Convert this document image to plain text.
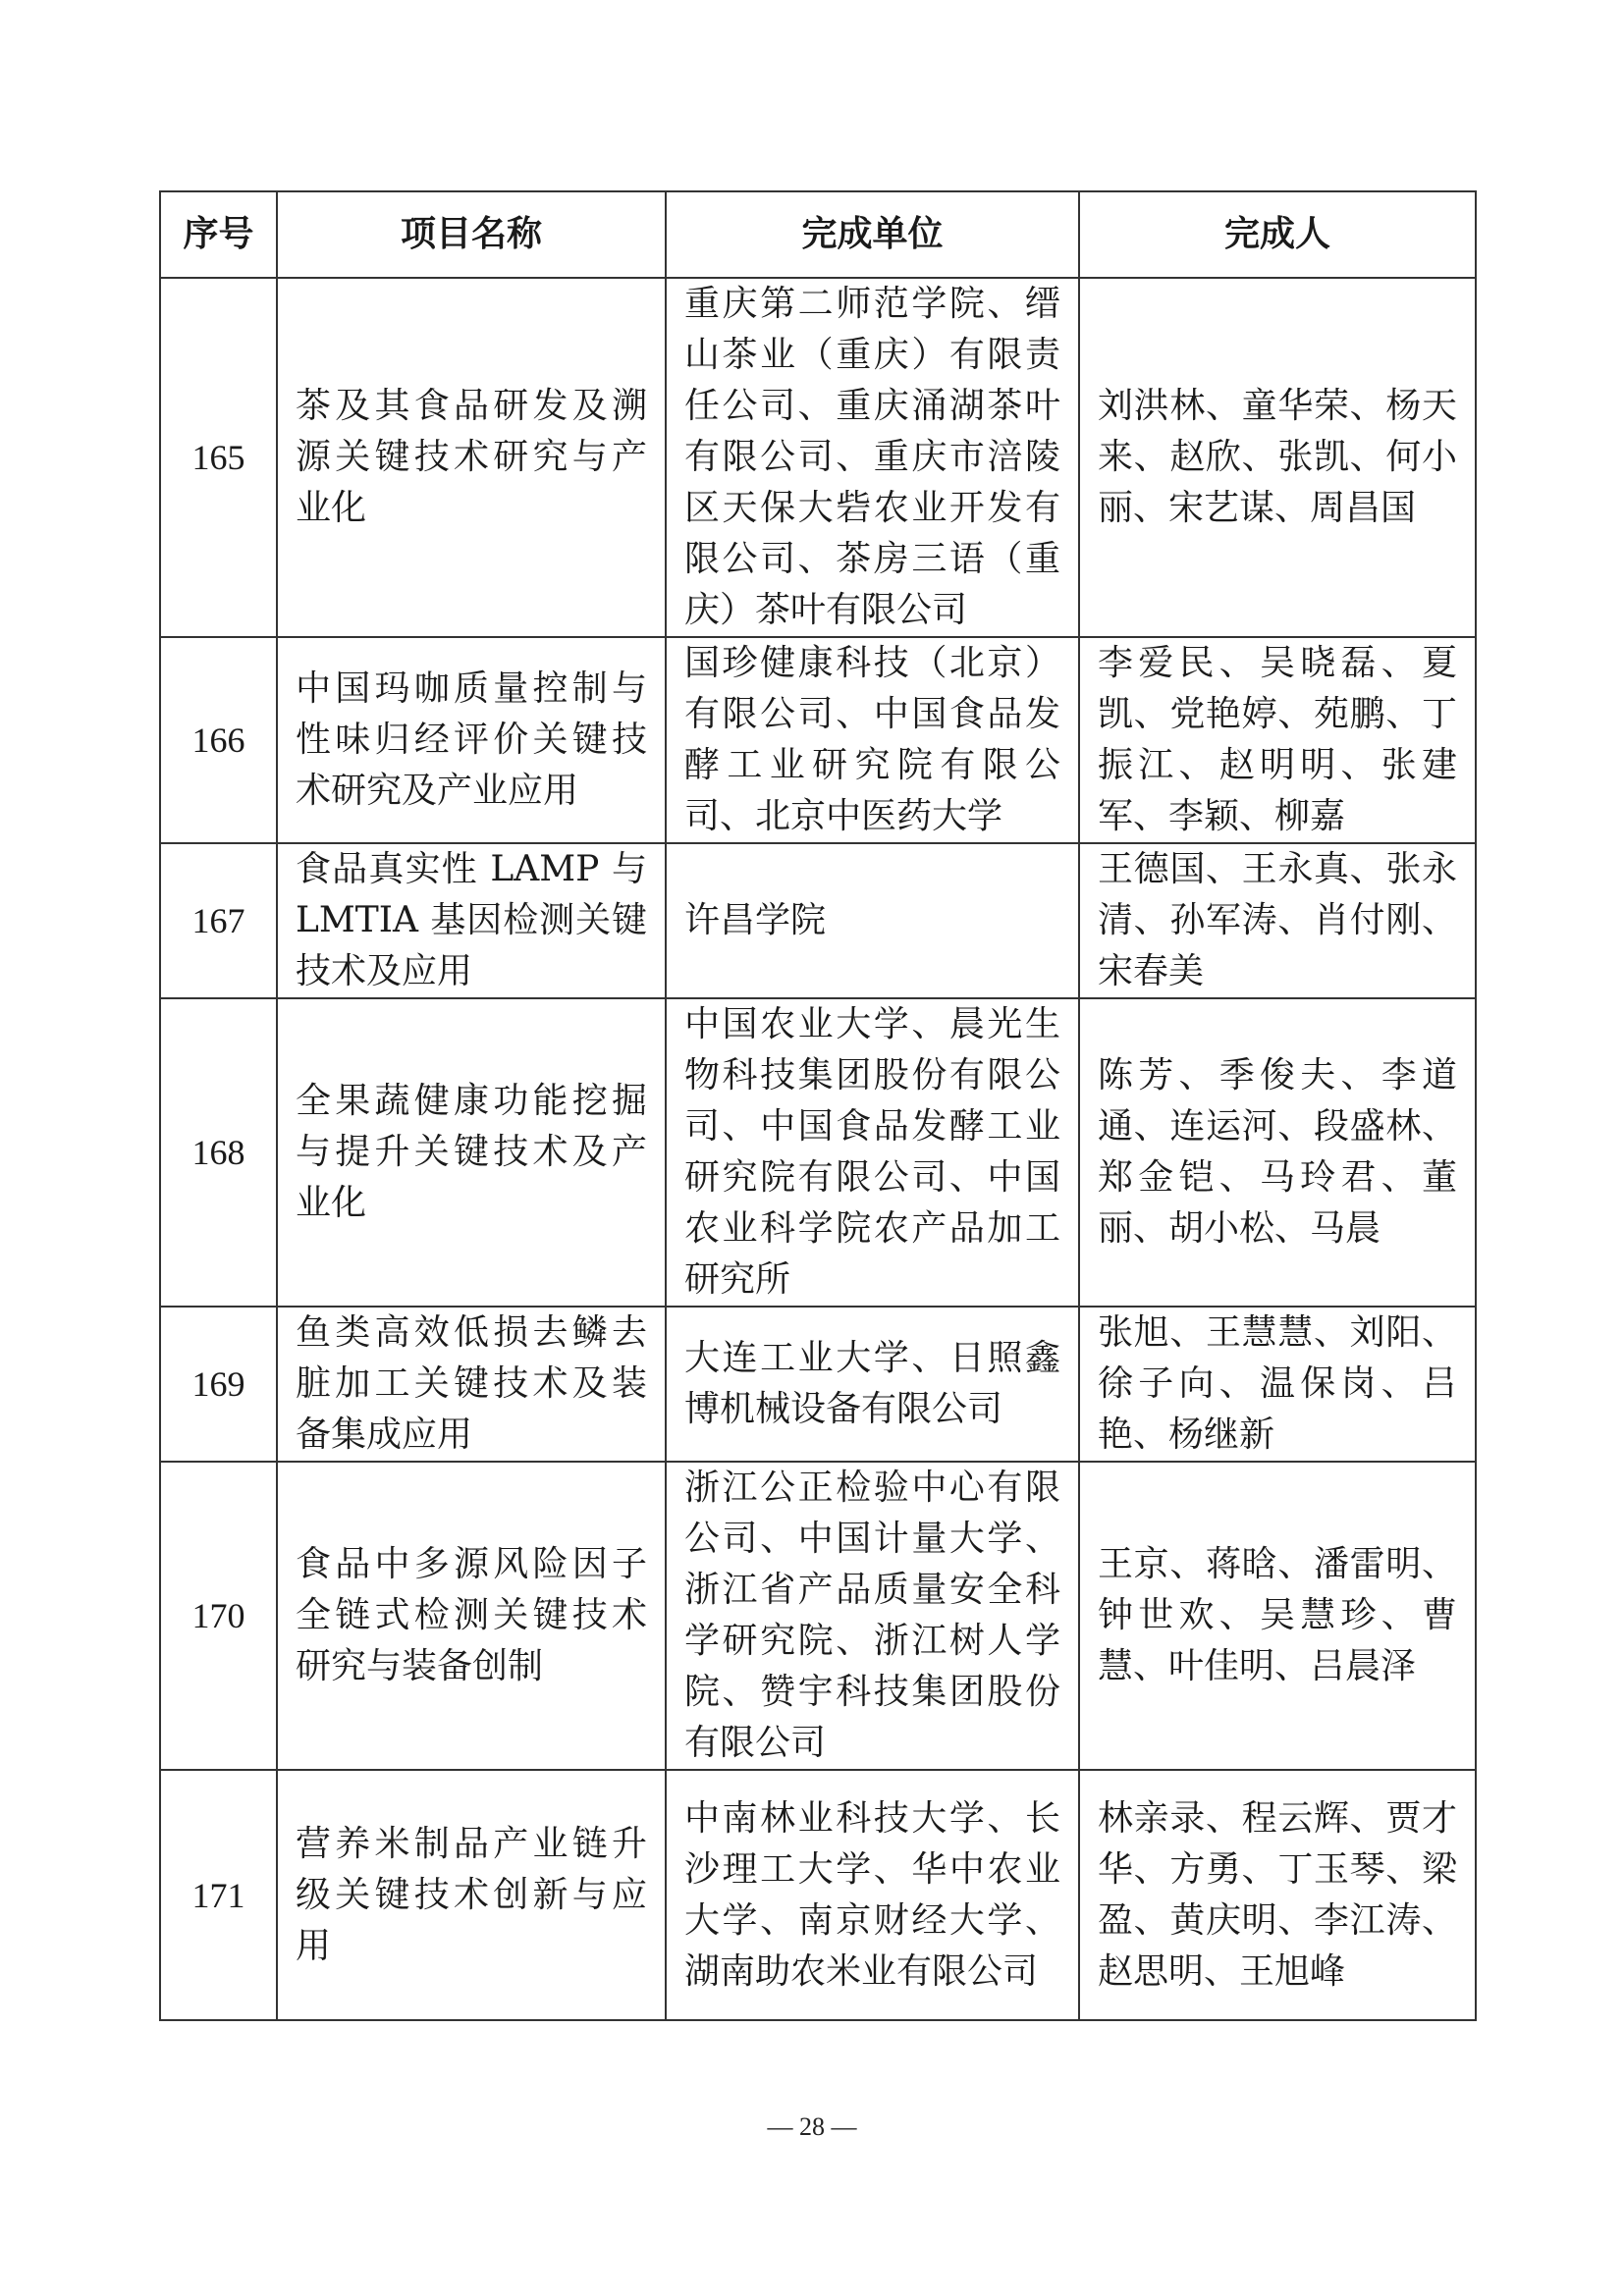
序号	项目名称	完成单位	完成人
165	茶及其食品研发及溯源关键技术研究与产业化	重庆第二师范学院、缙山茶业（重庆）有限责任公司、重庆涌湖茶叶有限公司、重庆市涪陵区天保大砦农业开发有限公司、茶房三语（重庆）茶叶有限公司	刘洪林、童华荣、杨天来、赵欣、张凯、何小丽、宋艺谋、周昌国
166	中国玛咖质量控制与性味归经评价关键技术研究及产业应用	国珍健康科技（北京）有限公司、中国食品发酵工业研究院有限公司、北京中医药大学	李爱民、吴晓磊、夏凯、党艳婷、苑鹏、丁振江、赵明明、张建军、李颖、柳嘉
167	食品真实性 LAMP 与 LMTIA 基因检测关键技术及应用	许昌学院	王德国、王永真、张永清、孙军涛、肖付刚、宋春美
168	全果蔬健康功能挖掘与提升关键技术及产业化	中国农业大学、晨光生物科技集团股份有限公司、中国食品发酵工业研究院有限公司、中国农业科学院农产品加工研究所	陈芳、季俊夫、李道通、连运河、段盛林、郑金铠、马玲君、董丽、胡小松、马晨
169	鱼类高效低损去鳞去脏加工关键技术及装备集成应用	大连工业大学、日照鑫博机械设备有限公司	张旭、王慧慧、刘阳、徐子向、温保岗、吕艳、杨继新
170	食品中多源风险因子全链式检测关键技术研究与装备创制	浙江公正检验中心有限公司、中国计量大学、浙江省产品质量安全科学研究院、浙江树人学院、赞宇科技集团股份有限公司	王京、蒋晗、潘雷明、钟世欢、吴慧珍、曹慧、叶佳明、吕晨泽
171	营养米制品产业链升级关键技术创新与应用	中南林业科技大学、长沙理工大学、华中农业大学、南京财经大学、湖南助农米业有限公司	林亲录、程云辉、贾才华、方勇、丁玉琴、梁盈、黄庆明、李江涛、赵思明、王旭峰
— 28 —
